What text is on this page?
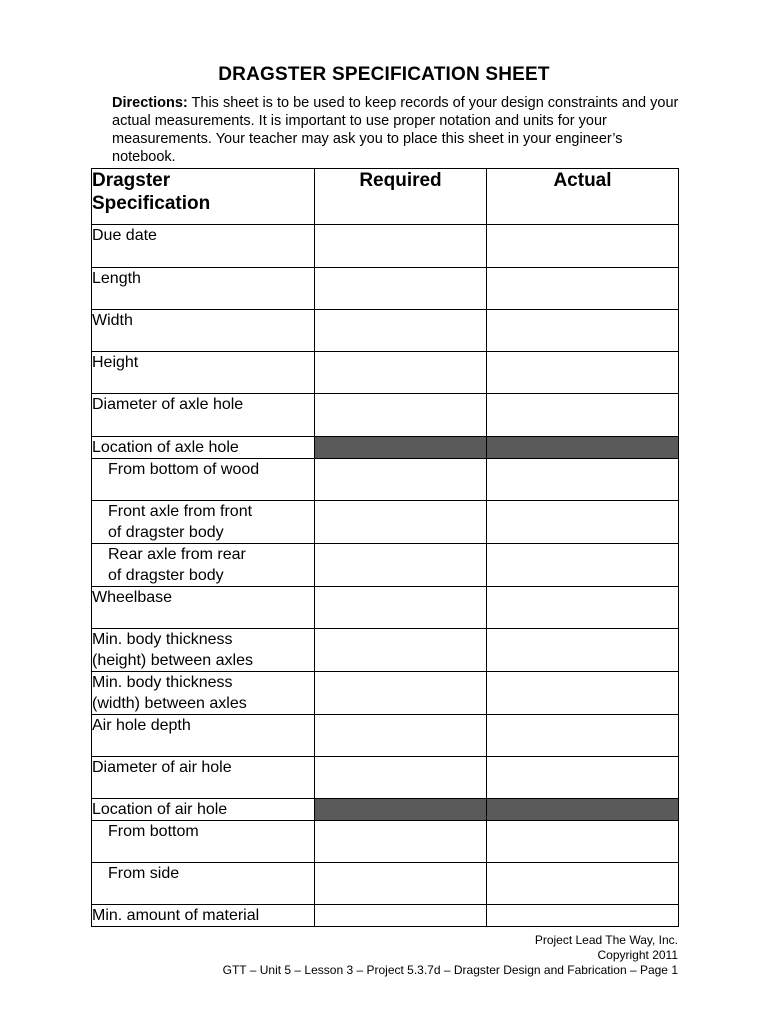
DRAGSTER SPECIFICATION SHEET
Directions: This sheet is to be used to keep records of your design constraints and your actual measurements. It is important to use proper notation and units for your measurements. Your teacher may ask you to place this sheet in your engineer’s notebook.
Dragster
Specification	Required	Actual
Due date		
Length		
Width		
Height		
Diameter of axle hole		
Location of axle hole		
From bottom of wood		
Front axle from front
of dragster body		
Rear axle from rear
of dragster body		
Wheelbase		
Min. body thickness
(height) between axles		
Min. body thickness
(width) between axles		
Air hole depth		
Diameter of air hole		
Location of air hole		
From bottom		
From side		
Min. amount of material		
Project Lead The Way, Inc.
Copyright 2011
GTT – Unit 5 – Lesson 3 – Project 5.3.7d – Dragster Design and Fabrication – Page 1
